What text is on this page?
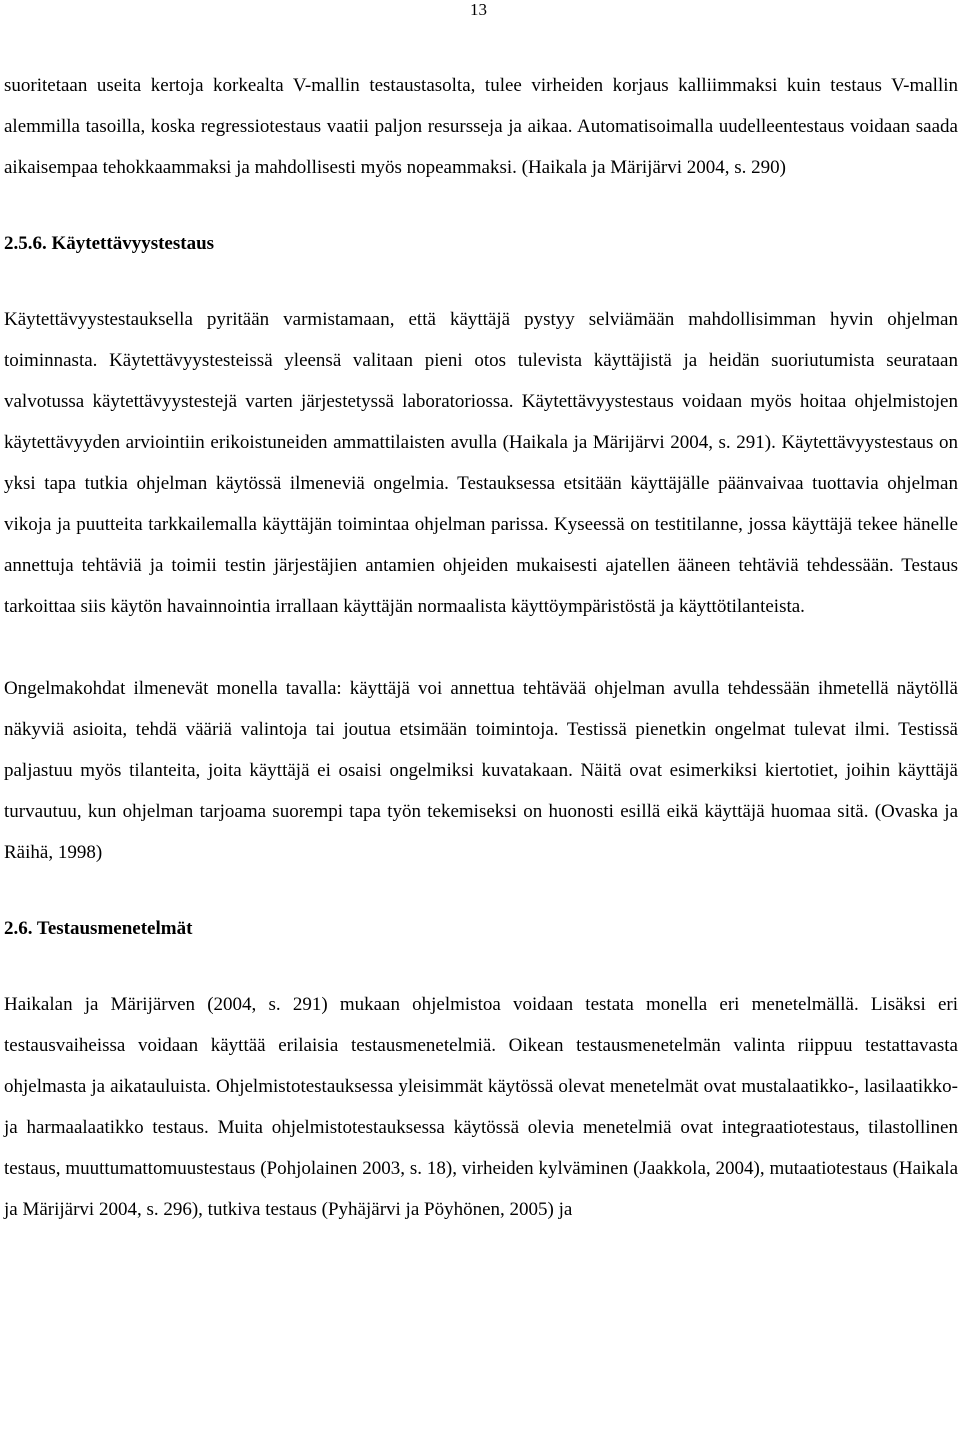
13

suoritetaan useita kertoja korkealta V-mallin testaustasolta, tulee virheiden korjaus kalliimmaksi kuin testaus V-mallin alemmilla tasoilla, koska regressiotestaus vaatii paljon resursseja ja aikaa. Automatisoimalla uudelleentestaus voidaan saada aikaisempaa tehokkaammaksi ja mahdollisesti myös nopeammaksi. (Haikala ja Märijärvi 2004, s. 290)

2.5.6. Käytettävyystestaus

Käytettävyystestauksella pyritään varmistamaan, että käyttäjä pystyy selviämään mahdollisimman hyvin ohjelman toiminnasta. Käytettävyystesteissä yleensä valitaan pieni otos tulevista käyttäjistä ja heidän suoriutumista seurataan valvotussa käytettävyystestejä varten järjestetyssä laboratoriossa. Käytettävyystestaus voidaan myös hoitaa ohjelmistojen käytettävyyden arviointiin erikoistuneiden ammattilaisten avulla (Haikala ja Märijärvi 2004, s. 291). Käytettävyystestaus on yksi tapa tutkia ohjelman käytössä ilmeneviä ongelmia. Testauksessa etsitään käyttäjälle päänvaivaa tuottavia ohjelman vikoja ja puutteita tarkkailemalla käyttäjän toimintaa ohjelman parissa. Kyseessä on testitilanne, jossa käyttäjä tekee hänelle annettuja tehtäviä ja toimii testin järjestäjien antamien ohjeiden mukaisesti ajatellen ääneen tehtäviä tehdessään. Testaus tarkoittaa siis käytön havainnointia irrallaan käyttäjän normaalista käyttöympäristöstä ja käyttötilanteista.

Ongelmakohdat ilmenevät monella tavalla: käyttäjä voi annettua tehtävää ohjelman avulla tehdessään ihmetellä näytöllä näkyviä asioita, tehdä vääriä valintoja tai joutua etsimään toimintoja. Testissä pienetkin ongelmat tulevat ilmi. Testissä paljastuu myös tilanteita, joita käyttäjä ei osaisi ongelmiksi kuvatakaan. Näitä ovat esimerkiksi kiertotiet, joihin käyttäjä turvautuu, kun ohjelman tarjoama suorempi tapa työn tekemiseksi on huonosti esillä eikä käyttäjä huomaa sitä. (Ovaska ja Räihä, 1998)

2.6. Testausmenetelmät

Haikalan ja Märijärven (2004, s. 291) mukaan ohjelmistoa voidaan testata monella eri menetelmällä. Lisäksi eri testausvaiheissa voidaan käyttää erilaisia testausmenetelmiä. Oikean testausmenetelmän valinta riippuu testattavasta ohjelmasta ja aikatauluista. Ohjelmistotestauksessa yleisimmät käytössä olevat menetelmät ovat mustalaatikko-, lasilaatikko- ja harmaalaatikko testaus. Muita ohjelmistotestauksessa käytössä olevia menetelmiä ovat integraatiotestaus, tilastollinen testaus, muuttumattomuustestaus (Pohjolainen 2003, s. 18), virheiden kylväminen (Jaakkola, 2004), mutaatiotestaus (Haikala ja Märijärvi 2004, s. 296), tutkiva testaus (Pyhäjärvi ja Pöyhönen, 2005) ja
